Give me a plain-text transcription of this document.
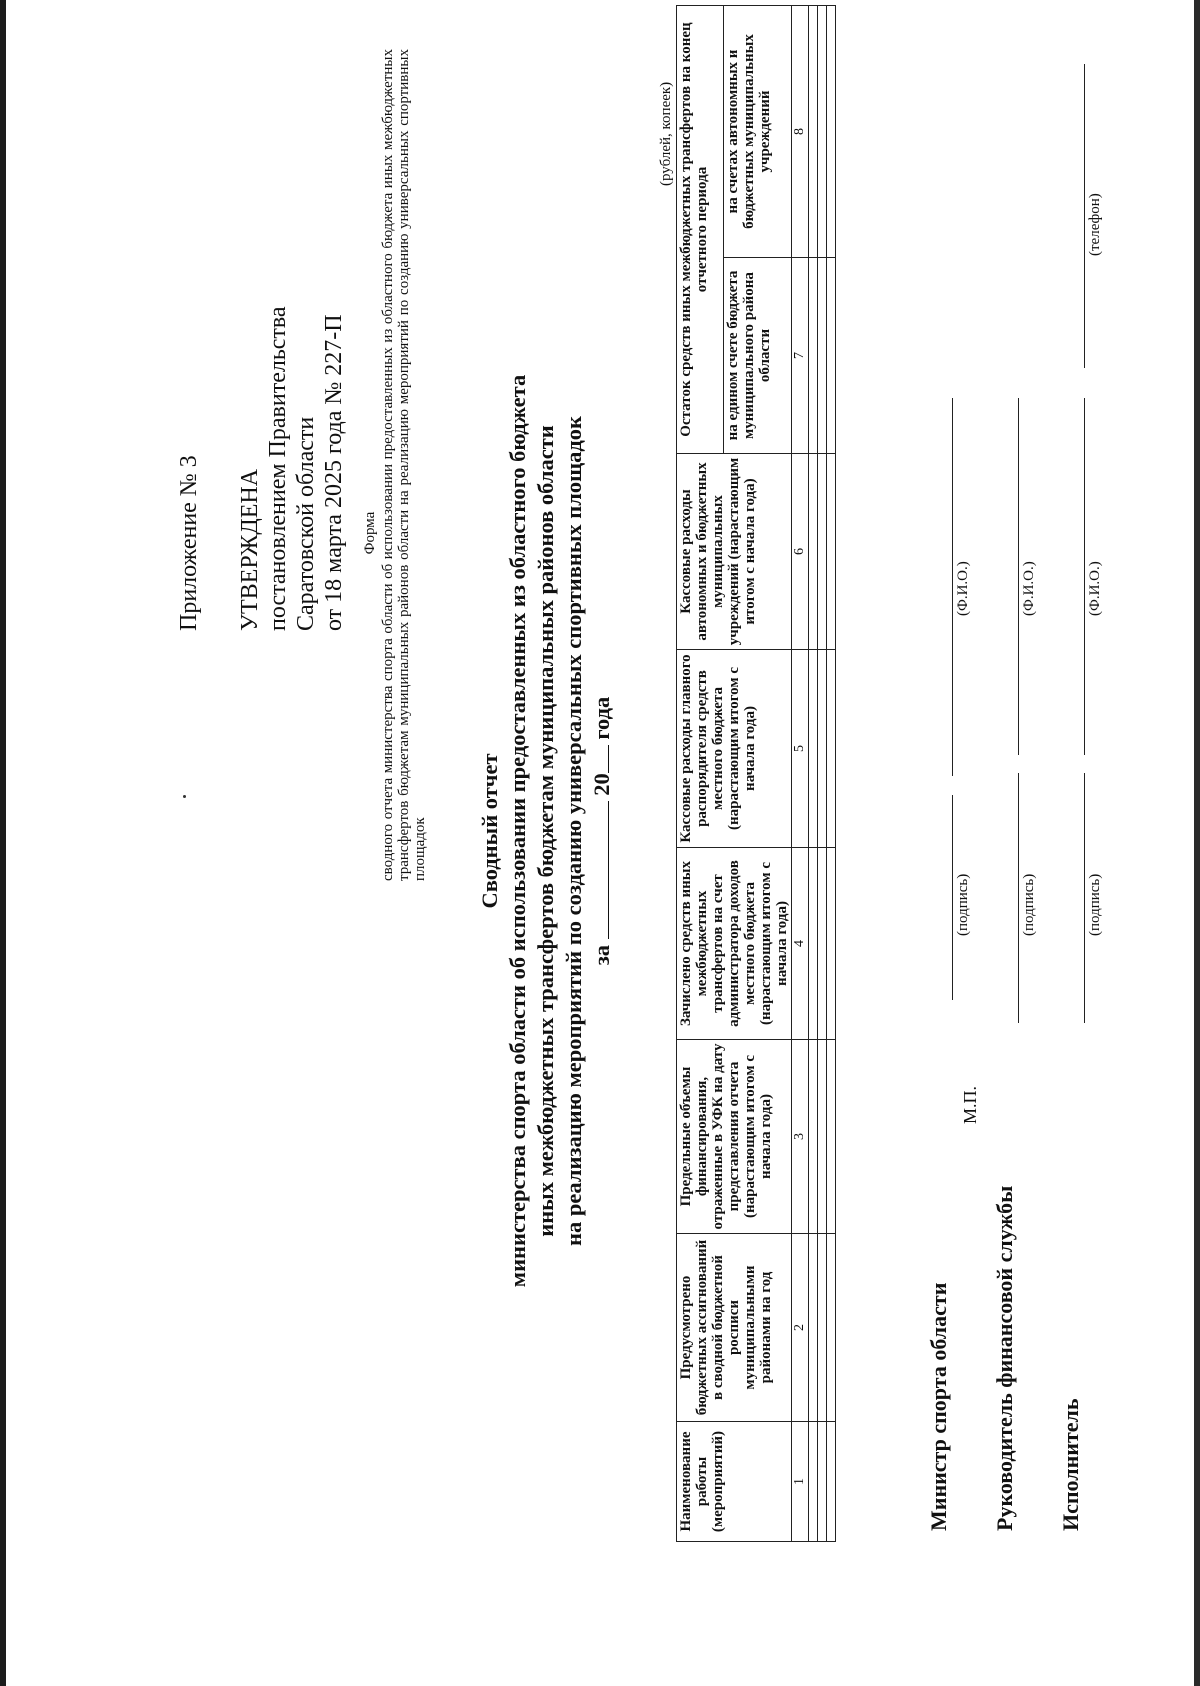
Приложение № 3 УТВЕРЖДЕНА постановлением Правительства Саратовской области от 18 марта 2025 года № 227-П Форма сводного отчета министерства спорта области об использовании предоставленных из областного бюджета иных межбюджетных трансфертов бюджетам муниципальных районов области на реализацию мероприятий по созданию универсальных спортивных площадок Сводный отчет министерства спорта области об использовании предоставленных из областного бюджета иных межбюджетных трансфертов бюджетам муниципальных районов области на реализацию мероприятий по созданию универсальных спортивных площадок за  20 года
(рублей, копеек)
Наименование работы (мероприятий)	Предусмотрено бюджетных ассигнований в сводной бюджетной росписи муниципальными районами на год	Предельные объемы финансирования, отраженные в УФК на дату представления отчета (нарастающим итогом с начала года)	Зачислено средств иных межбюджетных трансфертов на счет администратора доходов местного бюджета (нарастающим итогом с начала года)	Кассовые расходы главного распорядителя средств местного бюджета (нарастающим итогом с начала года)	Кассовые расходы автономных и бюджетных муниципальных учреждений (нарастающим итогом с начала года)	Остаток средств иных межбюджетных трансфертов на конец отчетного периода	
						на едином счете бюджета муниципального района области	на счетах автономных и бюджетных муниципальных учреждений
1	2	3	4	5	6	7	8

Министр спорта области Руководитель финансовой службы Исполнитель
М.П.
(подпись)
(Ф.И.О.)
(подпись)
(Ф.И.О.)
(подпись)
(Ф.И.О.)
(телефон)
